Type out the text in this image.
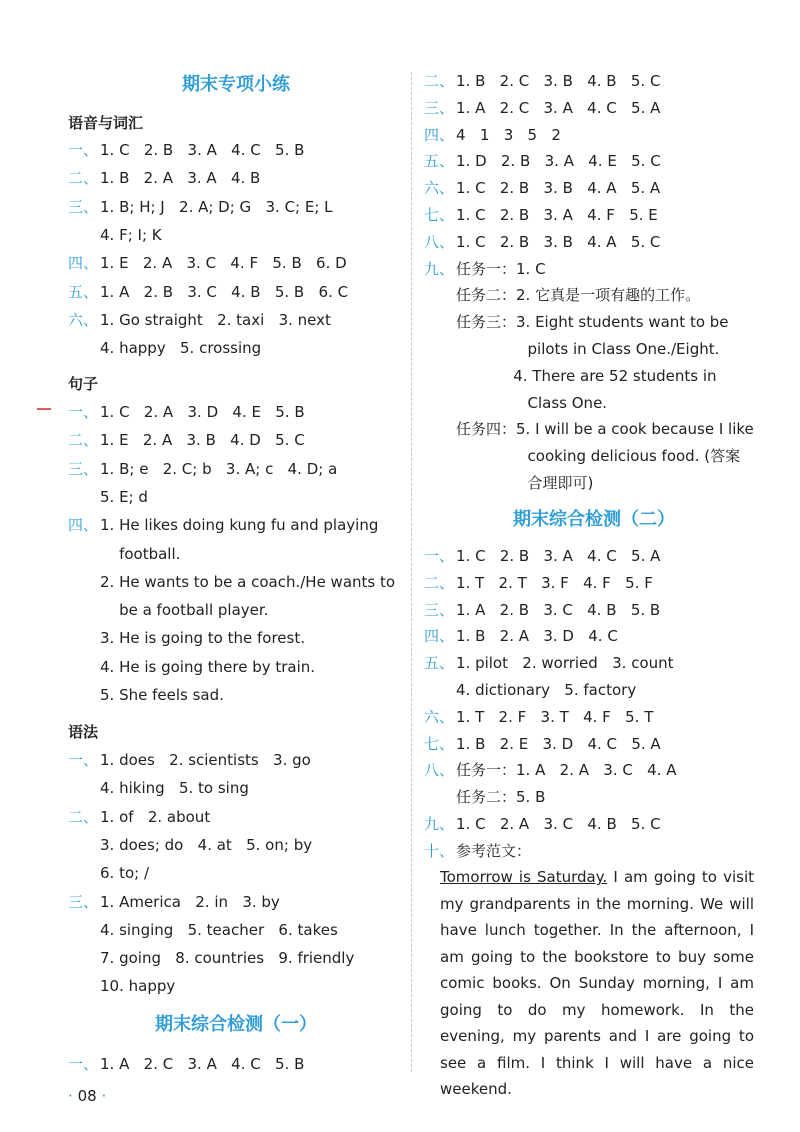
期末专项小练
语音与词汇
一、 1. C   2. B   3. A   4. C   5. B
二、 1. B   2. A   3. A   4. B
三、 1. B; H; J   2. A; D; G   3. C; E; L
4. F; I; K
四、 1. E   2. A   3. C   4. F   5. B   6. D
五、 1. A   2. B   3. C   4. B   5. B   6. C
六、 1. Go straight   2. taxi   3. next
4. happy   5. crossing
句子
一、 1. C   2. A   3. D   4. E   5. B
二、 1. E   2. A   3. B   4. D   5. C
三、 1. B; e   2. C; b   3. A; c   4. D; a
5. E; d
四、 1. He likes doing kung fu and playing
football.
2. He wants to be a coach./He wants to
be a football player.
3. He is going to the forest.
4. He is going there by train.
5. She feels sad.
语法
一、 1. does   2. scientists   3. go
4. hiking   5. to sing
二、 1. of   2. about
3. does; do   4. at   5. on; by
6. to; /
三、 1. America   2. in   3. by
4. singing   5. teacher   6. takes
7. going   8. countries   9. friendly
10. happy
期末综合检测（一）
一、 1. A   2. C   3. A   4. C   5. B
二、 1. B   2. C   3. B   4. B   5. C
三、 1. A   2. C   3. A   4. C   5. A
四、 4   1   3   5   2
五、 1. D   2. B   3. A   4. E   5. C
六、 1. C   2. B   3. B   4. A   5. A
七、 1. C   2. B   3. A   4. F   5. E
八、 1. C   2. B   3. B   4. A   5. C
九、 任务一：1. C
任务二：2. 它真是一项有趣的工作。
任务三：3. Eight students want to be
pilots in Class One./Eight.
4. There are 52 students in
Class One.
任务四：5. I will be a cook because I like
cooking delicious food. (答案
合理即可)
期末综合检测（二）
一、 1. C   2. B   3. A   4. C   5. A
二、 1. T   2. T   3. F   4. F   5. F
三、 1. A   2. B   3. C   4. B   5. B
四、 1. B   2. A   3. D   4. C
五、 1. pilot   2. worried   3. count
4. dictionary   5. factory
六、 1. T   2. F   3. T   4. F   5. T
七、 1. B   2. E   3. D   4. C   5. A
八、 任务一：1. A   2. A   3. C   4. A
任务二：5. B
九、 1. C   2. A   3. C   4. B   5. C
十、 参考范文：
Tomorrow is Saturday. I am going to visit my grandparents in the morning. We will have lunch together. In the afternoon, I am going to the bookstore to buy some comic books. On Sunday morning, I am going to do my homework. In the evening, my parents and I are going to see a film. I think I will have a nice weekend.
· 08 ·
